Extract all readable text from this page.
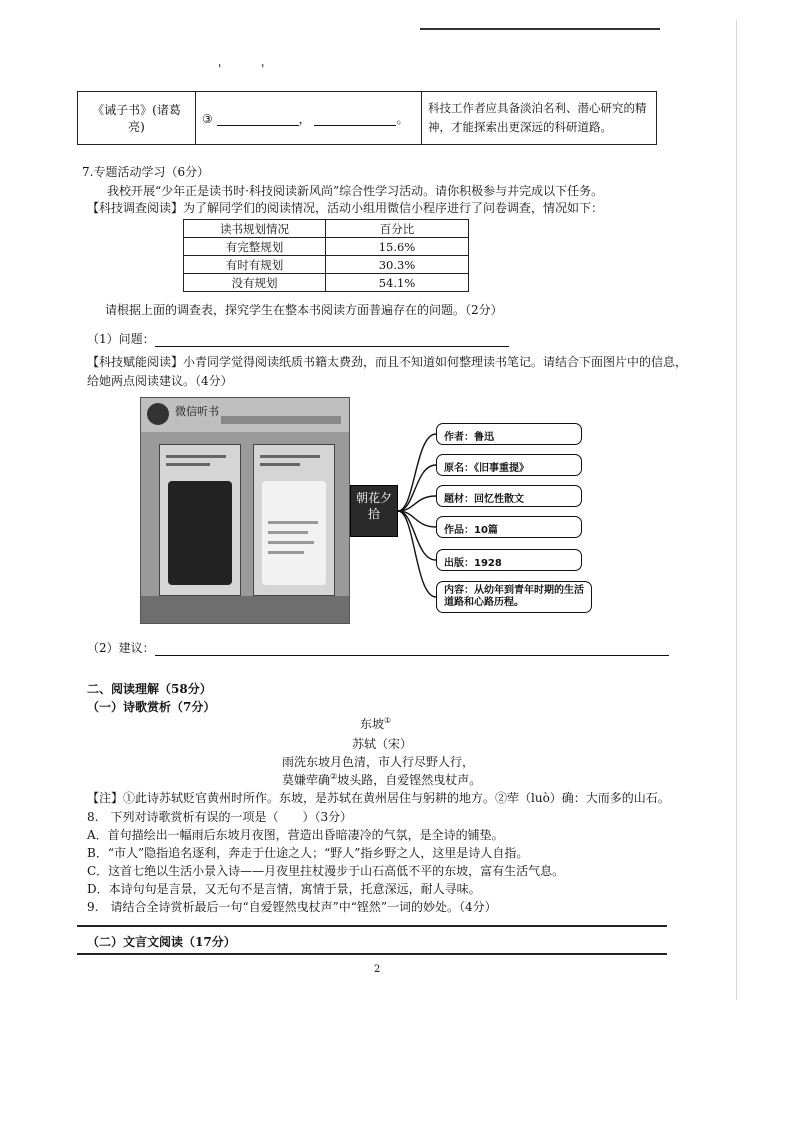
' '
《诫子书》(诸葛亮)	③	，	。	科技工作者应具备淡泊名利、潜心研究的精神，才能探索出更深远的科研道路。
7.专题活动学习（6分）
我校开展“少年正是读书时·科技阅读新风尚”综合性学习活动。请你积极参与并完成以下任务。
【科技调查阅读】为了解同学们的阅读情况，活动小组用微信小程序进行了问卷调查，情况如下：
读书规划情况	百分比
有完整规划	15.6%
有时有规划	30.3%
没有规划	54.1%
请根据上面的调查表，探究学生在整本书阅读方面普遍存在的问题。（2分）
（1）问题：
【科技赋能阅读】小青同学觉得阅读纸质书籍太费劲，而且不知道如何整理读书笔记。请结合下面图片中的信息，
给她两点阅读建议。（4分）
微信听书
朝花夕拾
作者：鲁迅
原名：《旧事重提》
题材：回忆性散文
作品：10篇
出版：1928
内容：从幼年到青年时期的生活道路和心路历程。
（2）建议：
二、阅读理解（58分）
（一）诗歌赏析（7分）
东坡①
苏轼（宋）
雨洗东坡月色清，市人行尽野人行，
莫嫌荦确②坡头路，自爱铿然曳杖声。
【注】①此诗苏轼贬官黄州时所作。东坡，是苏轼在黄州居住与躬耕的地方。②荦（luò）确：大而多的山石。
8.　下列对诗歌赏析有误的一项是（　　）（3分）
A．首句描绘出一幅雨后东坡月夜图，营造出昏暗凄冷的气氛，是全诗的铺垫。
B．“市人”隐指追名逐利，奔走于仕途之人；“野人”指乡野之人，这里是诗人自指。
C．这首七绝以生活小景入诗——月夜里拄杖漫步于山石高低不平的东坡，富有生活气息。
D．本诗句句是言景，又无句不是言情，寓情于景，托意深远，耐人寻味。
9.　请结合全诗赏析最后一句“自爱铿然曳杖声”中“铿然”一词的妙处。（4分）
（二）文言文阅读（17分）
2
